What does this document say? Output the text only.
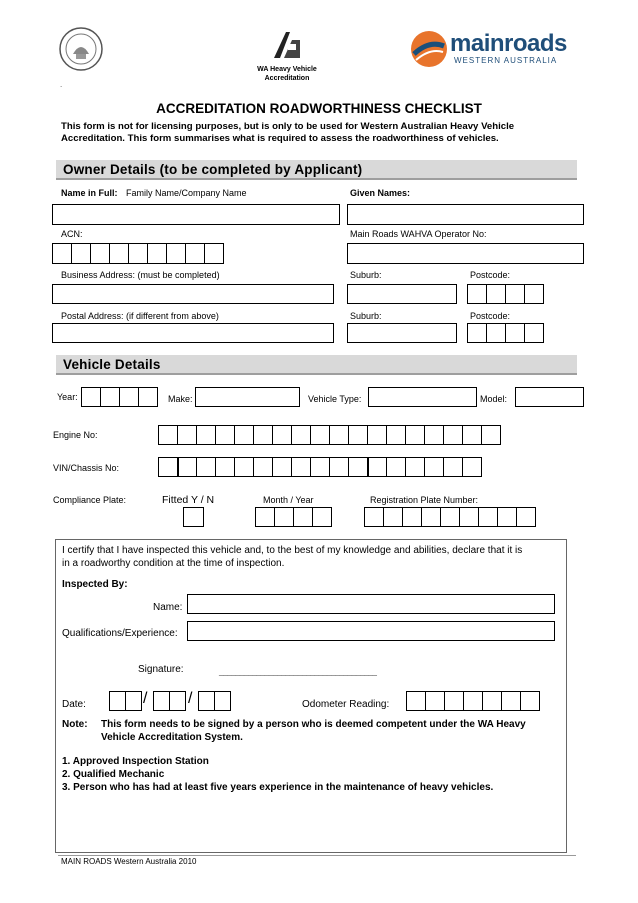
.
WA Heavy Vehicle Accreditation
mainroads
WESTERN AUSTRALIA
ACCREDITATION ROADWORTHINESS CHECKLIST
This form is not for licensing purposes, but is only to be used for Western Australian Heavy Vehicle
Accreditation. This form summarises what is required to assess the roadworthiness of vehicles.
Owner Details (to be completed by Applicant)
Name in Full: Family Name/Company Name	Given Names:
ACN:	Main Roads WAHVA Operator No:
Business Address: (must be completed)	Suburb:	Postcode:
Postal Address: (if different from above)	Suburb:	Postcode:
Vehicle Details
Year:	Make:	Vehicle Type:	Model:
Engine No:
VIN/Chassis No:
Compliance Plate:	Fitted Y / N	Month / Year	Registration Plate Number:
I certify that I have inspected this vehicle and, to the best of my knowledge and abilities, declare that it is
in a roadworthy condition at the time of inspection.
Inspected By:
Name:
Qualifications/Experience:
Signature:	______________________________________
Date:	/	/	Odometer Reading:
Note: This form needs to be signed by a person who is deemed competent under the WA Heavy
Vehicle Accreditation System.
1. Approved Inspection Station
2. Qualified Mechanic
3. Person who has had at least five years experience in the maintenance of heavy vehicles.
MAIN ROADS Western Australia 2010
